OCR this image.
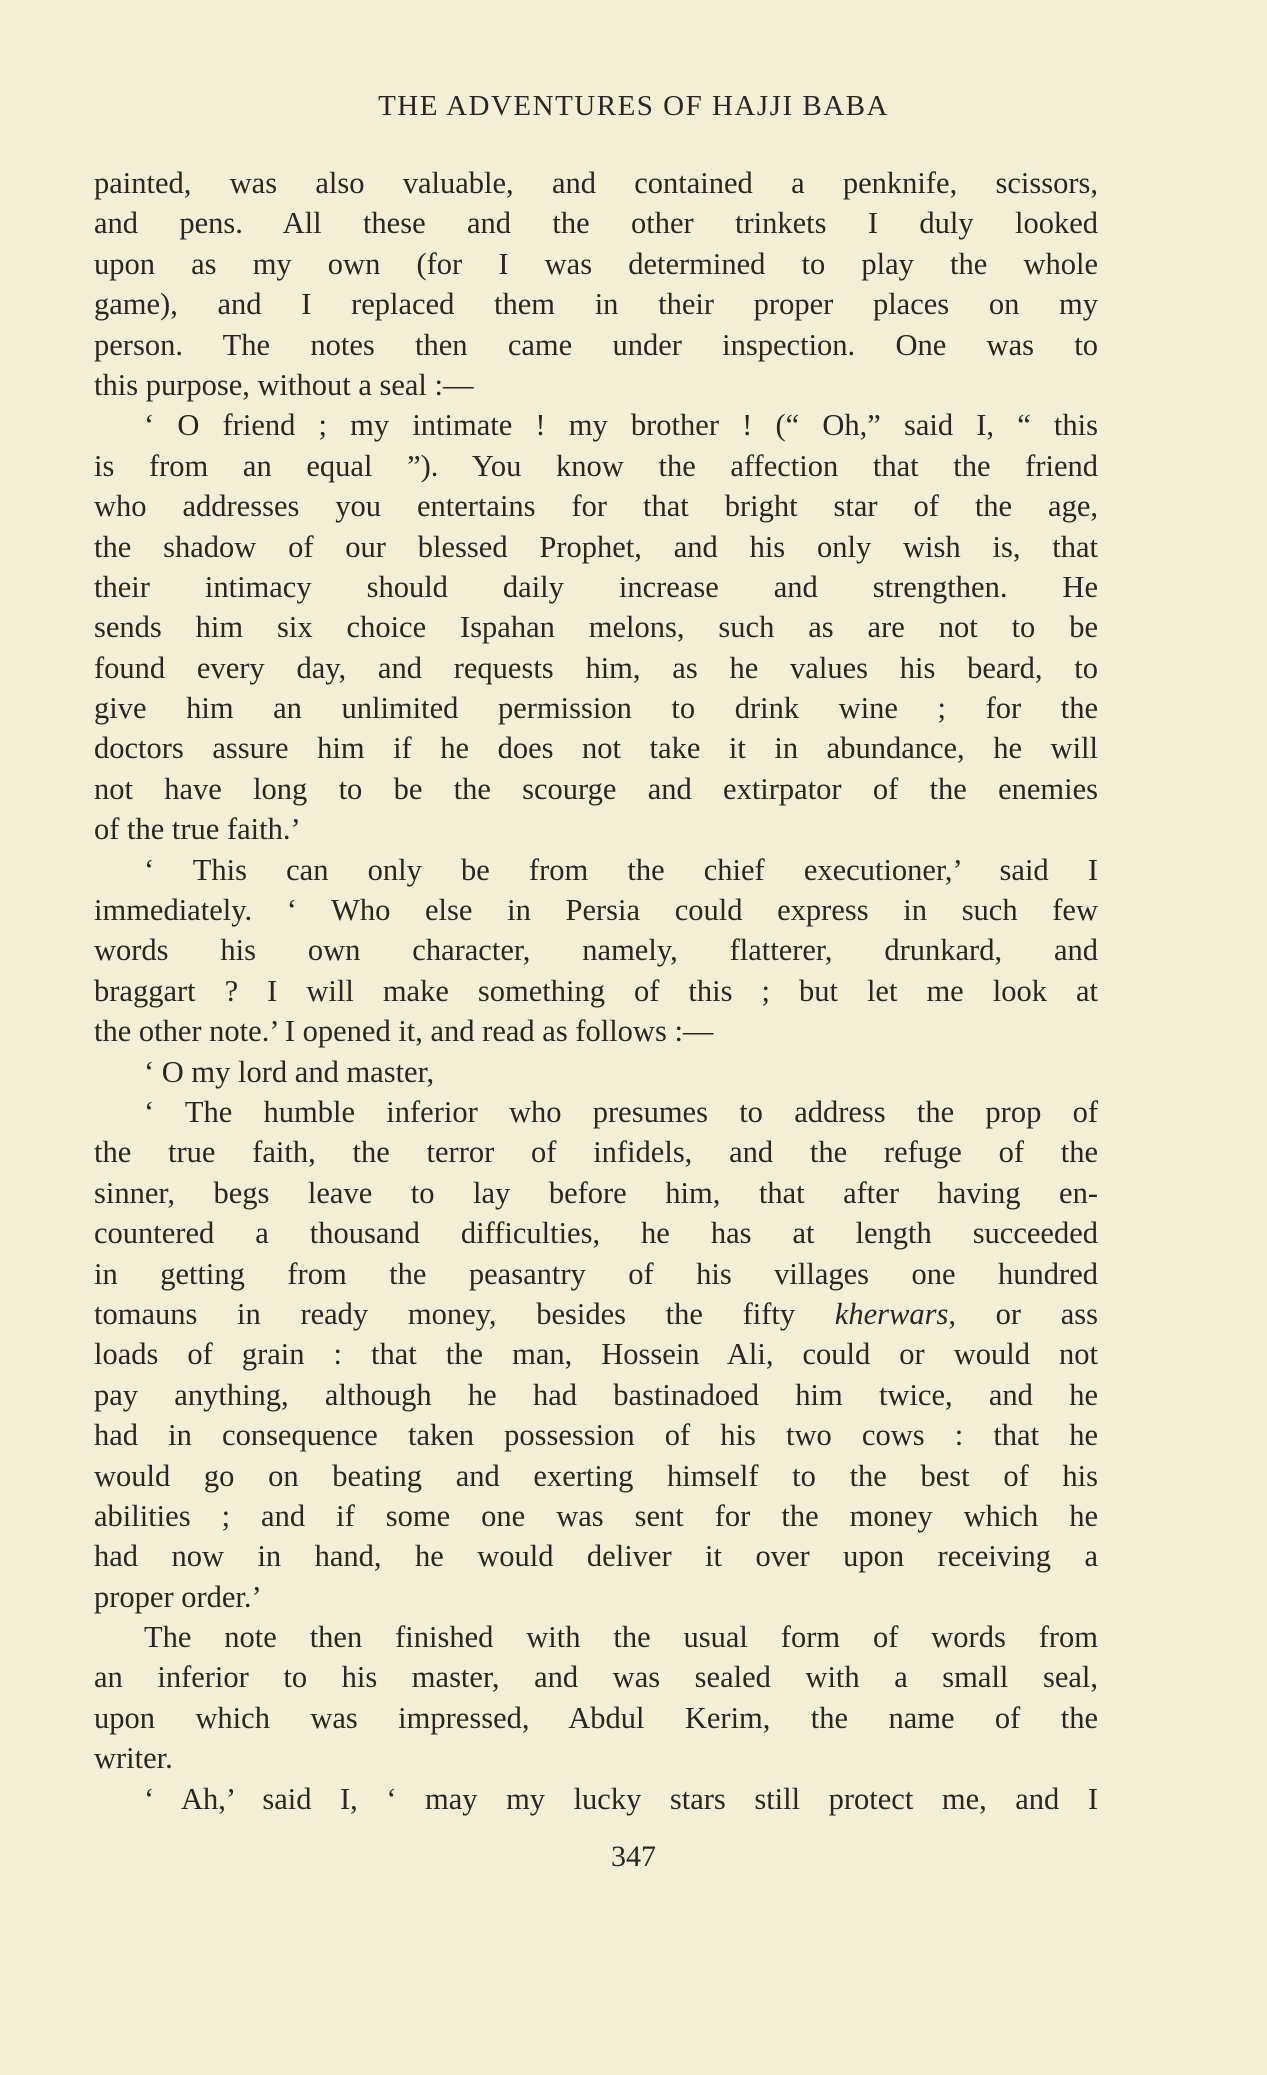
THE ADVENTURES OF HAJJI BABA
painted, was also valuable, and contained a penknife, scissors,
and pens. All these and the other trinkets I duly looked
upon as my own (for I was determined to play the whole
game), and I replaced them in their proper places on my
person. The notes then came under inspection. One was to
this purpose, without a seal :—
‘ O friend ; my intimate ! my brother ! (“ Oh,” said I, “ this
is from an equal ”). You know the affection that the friend
who addresses you entertains for that bright star of the age,
the shadow of our blessed Prophet, and his only wish is, that
their intimacy should daily increase and strengthen. He
sends him six choice Ispahan melons, such as are not to be
found every day, and requests him, as he values his beard, to
give him an unlimited permission to drink wine ; for the
doctors assure him if he does not take it in abundance, he will
not have long to be the scourge and extirpator of the enemies
of the true faith.’
‘ This can only be from the chief executioner,’ said I
immediately. ‘ Who else in Persia could express in such few
words his own character, namely, flatterer, drunkard, and
braggart ? I will make something of this ; but let me look at
the other note.’ I opened it, and read as follows :—
‘ O my lord and master,
‘ The humble inferior who presumes to address the prop of
the true faith, the terror of infidels, and the refuge of the
sinner, begs leave to lay before him, that after having en-
countered a thousand difficulties, he has at length succeeded
in getting from the peasantry of his villages one hundred
tomauns in ready money, besides the fifty kherwars, or ass
loads of grain : that the man, Hossein Ali, could or would not
pay anything, although he had bastinadoed him twice, and he
had in consequence taken possession of his two cows : that he
would go on beating and exerting himself to the best of his
abilities ; and if some one was sent for the money which he
had now in hand, he would deliver it over upon receiving a
proper order.’
The note then finished with the usual form of words from
an inferior to his master, and was sealed with a small seal,
upon which was impressed, Abdul Kerim, the name of the
writer.
‘ Ah,’ said I, ‘ may my lucky stars still protect me, and I
347
